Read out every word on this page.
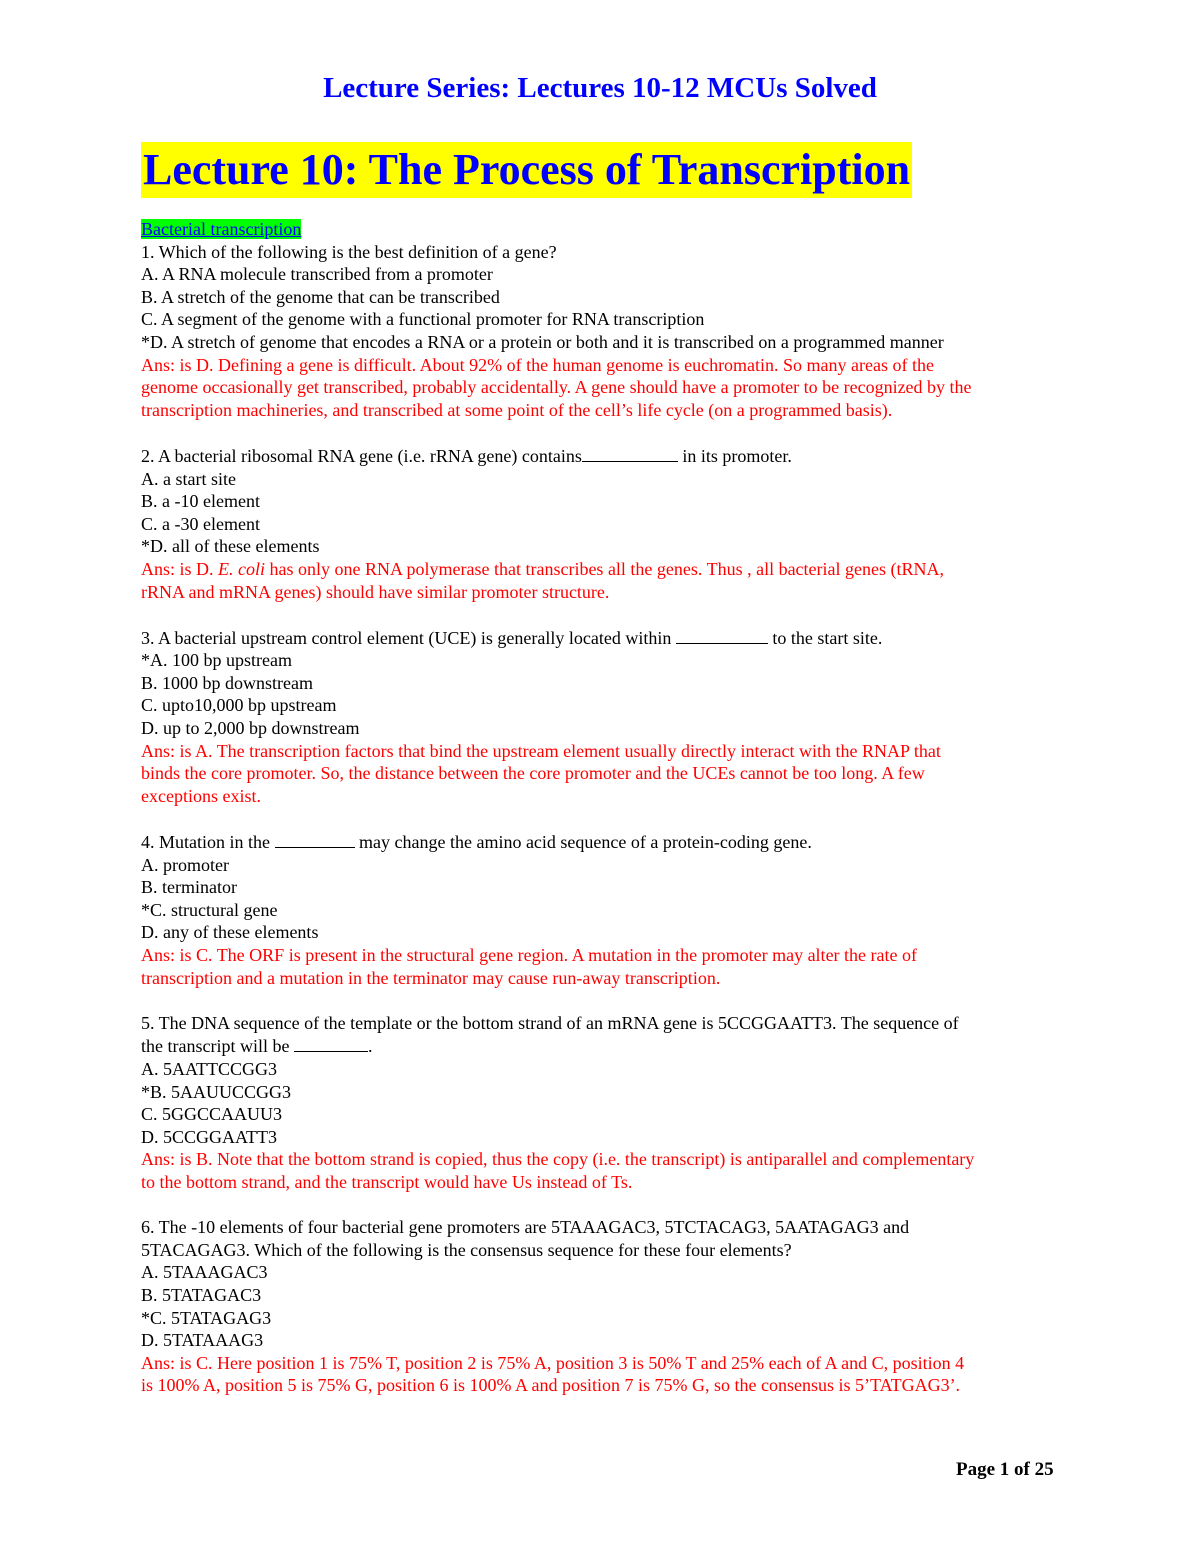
Lecture Series: Lectures 10-12 MCUs Solved
Lecture 10: The Process of Transcription
Bacterial transcription
1. Which of the following is the best definition of a gene?
A. A RNA molecule transcribed from a promoter
B. A stretch of the genome that can be transcribed
C. A segment of the genome with a functional promoter for RNA transcription
*D. A stretch of genome that encodes a RNA or a protein or both and it is transcribed on a programmed manner
Ans: is D. Defining a gene is difficult. About 92% of the human genome is euchromatin. So many areas of the
genome occasionally get transcribed, probably accidentally. A gene should have a promoter to be recognized by the
transcription machineries, and transcribed at some point of the cell’s life cycle (on a programmed basis).
2. A bacterial ribosomal RNA gene (i.e. rRNA gene) contains	in its promoter.
A. a start site
B. a -10 element
C. a -30 element
*D. all of these elements
Ans: is D. E. coli has only one RNA polymerase that transcribes all the genes. Thus , all bacterial genes (tRNA,
rRNA and mRNA genes) should have similar promoter structure.
3. A bacterial upstream control element (UCE) is generally located within	to the start site.
*A. 100 bp upstream
B. 1000 bp downstream
C. upto10,000 bp upstream
D. up to 2,000 bp downstream
Ans: is A. The transcription factors that bind the upstream element usually directly interact with the RNAP that
binds the core promoter. So, the distance between the core promoter and the UCEs cannot be too long. A few
exceptions exist.
4. Mutation in the	may change the amino acid sequence of a protein-coding gene.
A. promoter
B. terminator
*C. structural gene
D. any of these elements
Ans: is C. The ORF is present in the structural gene region. A mutation in the promoter may alter the rate of
transcription and a mutation in the terminator may cause run-away transcription.
5. The DNA sequence of the template or the bottom strand of an mRNA gene is 5CCGGAATT3. The sequence of
the transcript will be	.
A. 5AATTCCGG3
*B. 5AAUUCCGG3
C. 5GGCCAAUU3
D. 5CCGGAATT3
Ans: is B. Note that the bottom strand is copied, thus the copy (i.e. the transcript) is antiparallel and complementary
to the bottom strand, and the transcript would have Us instead of Ts.
6. The -10 elements of four bacterial gene promoters are 5TAAAGAC3, 5TCTACAG3, 5AATAGAG3 and
5TACAGAG3. Which of the following is the consensus sequence for these four elements?
A. 5TAAAGAC3
B. 5TATAGAC3
*C. 5TATAGAG3
D. 5TATAAAG3
Ans: is C. Here position 1 is 75% T, position 2 is 75% A, position 3 is 50% T and 25% each of A and C, position 4
is 100% A, position 5 is 75% G, position 6 is 100% A and position 7 is 75% G, so the consensus is 5’TATGAG3’.
Page 1 of 25
